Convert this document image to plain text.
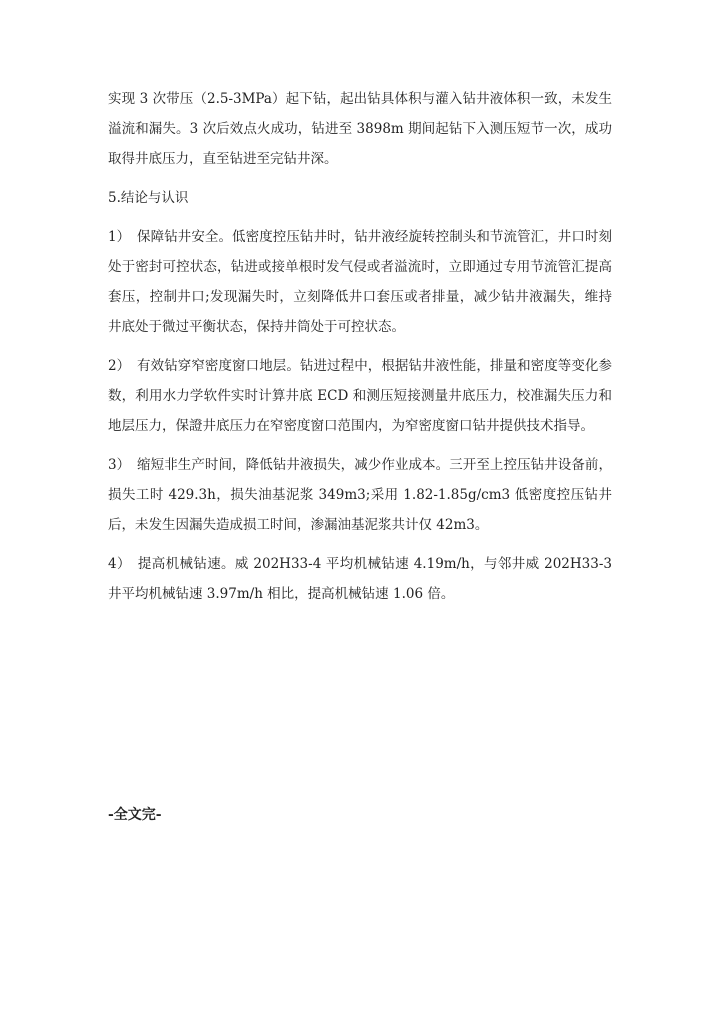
实现 3 次带压（2.5-3MPa）起下钻，起出钻具体积与灌入钻井液体积一致，未发生溢流和漏失。3 次后效点火成功，钻进至 3898m 期间起钻下入测压短节一次，成功取得井底压力，直至钻进至完钻井深。

5.结论与认识

1）　保障钻井安全。低密度控压钻井时，钻井液经旋转控制头和节流管汇，井口时刻处于密封可控状态，钻进或接单根时发气侵或者溢流时，立即通过专用节流管汇提高套压，控制井口;发现漏失时，立刻降低井口套压或者排量，减少钻井液漏失，维持井底处于微过平衡状态，保持井筒处于可控状态。

2）　有效钻穿窄密度窗口地层。钻进过程中，根据钻井液性能，排量和密度等变化参数，利用水力学软件实时计算井底 ECD 和测压短接测量井底压力，校准漏失压力和地层压力，保證井底压力在窄密度窗口范围内，为窄密度窗口钻井提供技术指导。

3）　缩短非生产时间，降低钻井液损失，减少作业成本。三开至上控压钻井设备前，损失工时 429.3h，损失油基泥浆 349m3;采用 1.82-1.85g/cm3 低密度控压钻井后，未发生因漏失造成损工时间，渗漏油基泥浆共计仅 42m3。

4）　提高机械钻速。威 202H33-4 平均机械钻速 4.19m/h，与邻井威 202H33-3 井平均机械钻速 3.97m/h 相比，提高机械钻速 1.06 倍。

-全文完-
